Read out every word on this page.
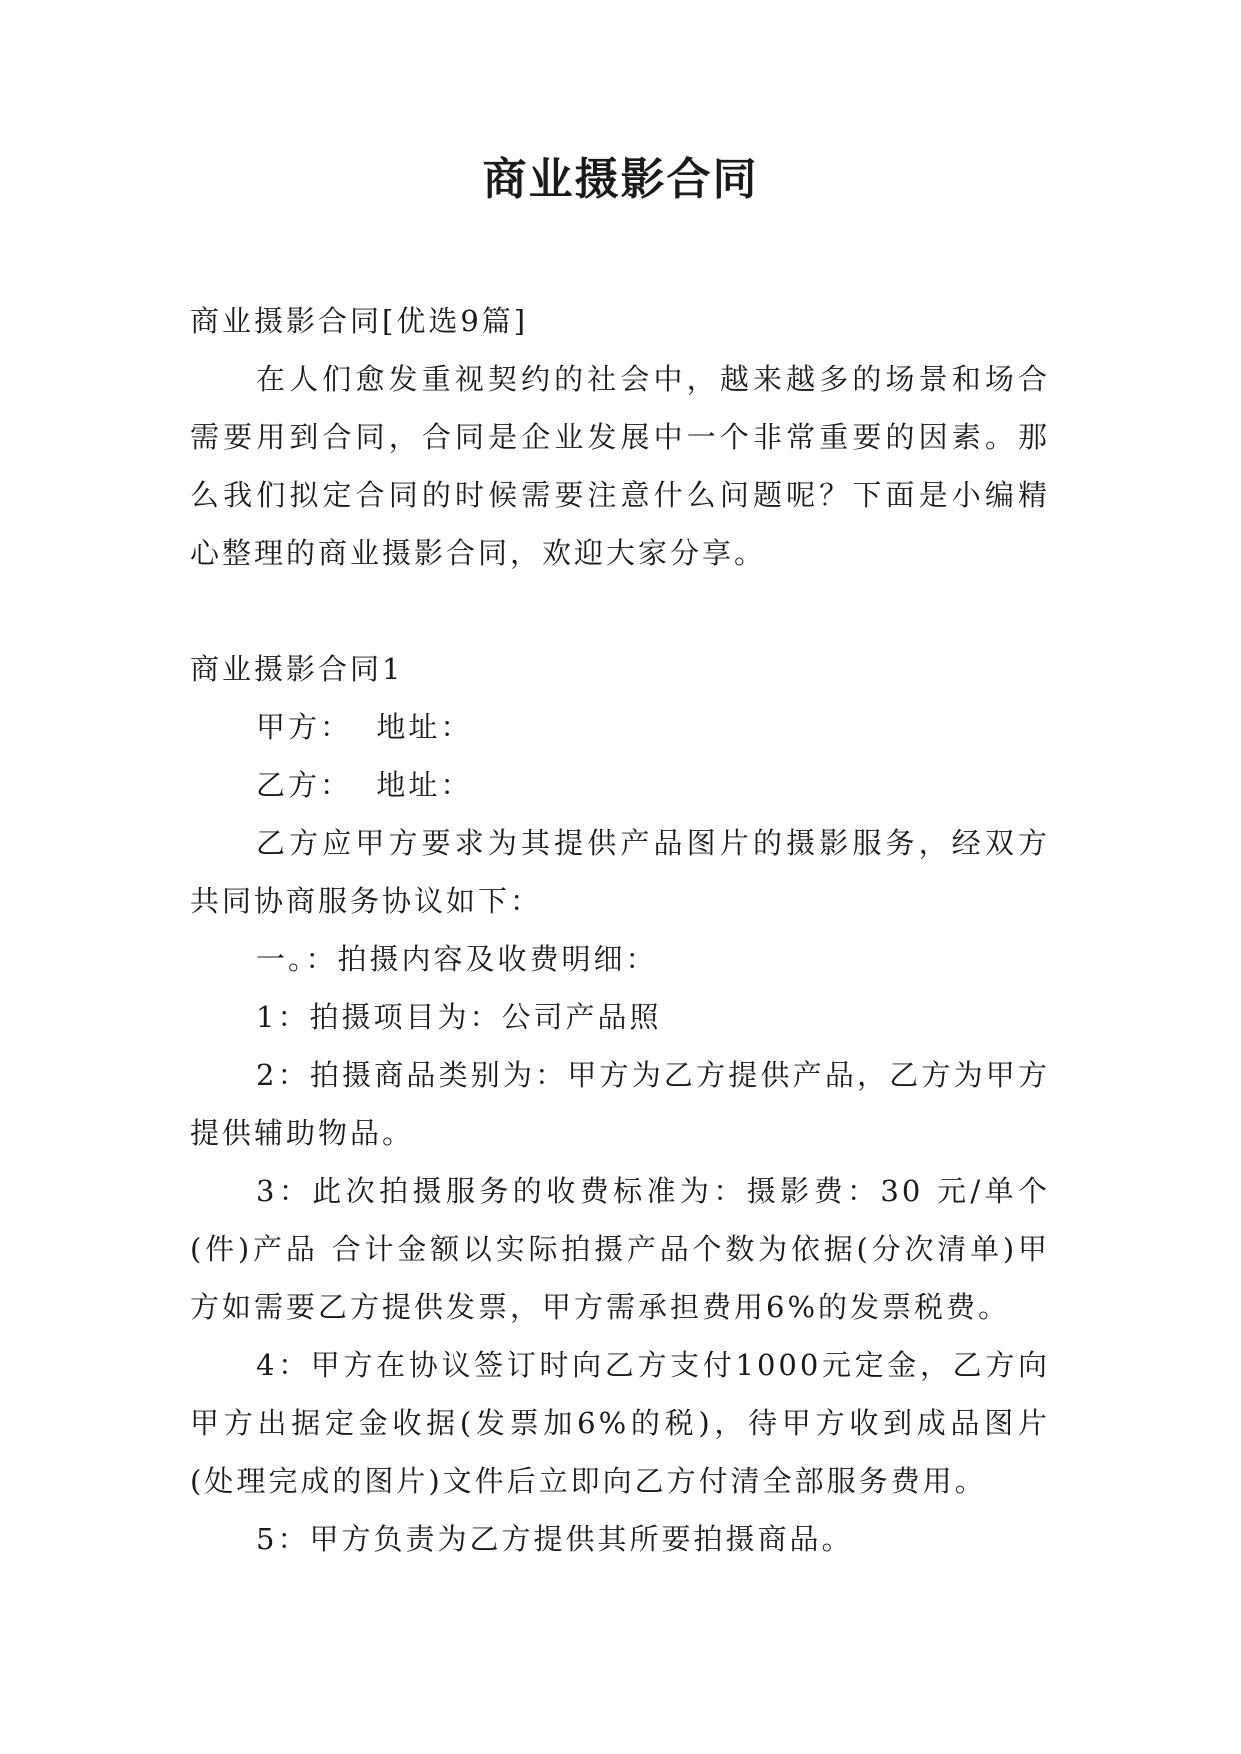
商业摄影合同

商业摄影合同[优选9篇]

在人们愈发重视契约的社会中，越来越多的场景和场合需要用到合同，合同是企业发展中一个非常重要的因素。那么我们拟定合同的时候需要注意什么问题呢？下面是小编精心整理的商业摄影合同，欢迎大家分享。

商业摄影合同1

甲方：  地址：

乙方：  地址：

乙方应甲方要求为其提供产品图片的摄影服务，经双方共同协商服务协议如下：

一。：拍摄内容及收费明细：

1：拍摄项目为：公司产品照

2：拍摄商品类别为：甲方为乙方提供产品，乙方为甲方提供辅助物品。

3：此次拍摄服务的收费标准为：摄影费：30 元/单个(件)产品 合计金额以实际拍摄产品个数为依据(分次清单)甲方如需要乙方提供发票，甲方需承担费用6%的发票税费。

4：甲方在协议签订时向乙方支付1000元定金，乙方向甲方出据定金收据(发票加6%的税)，待甲方收到成品图片(处理完成的图片)文件后立即向乙方付清全部服务费用。

5：甲方负责为乙方提供其所要拍摄商品。
